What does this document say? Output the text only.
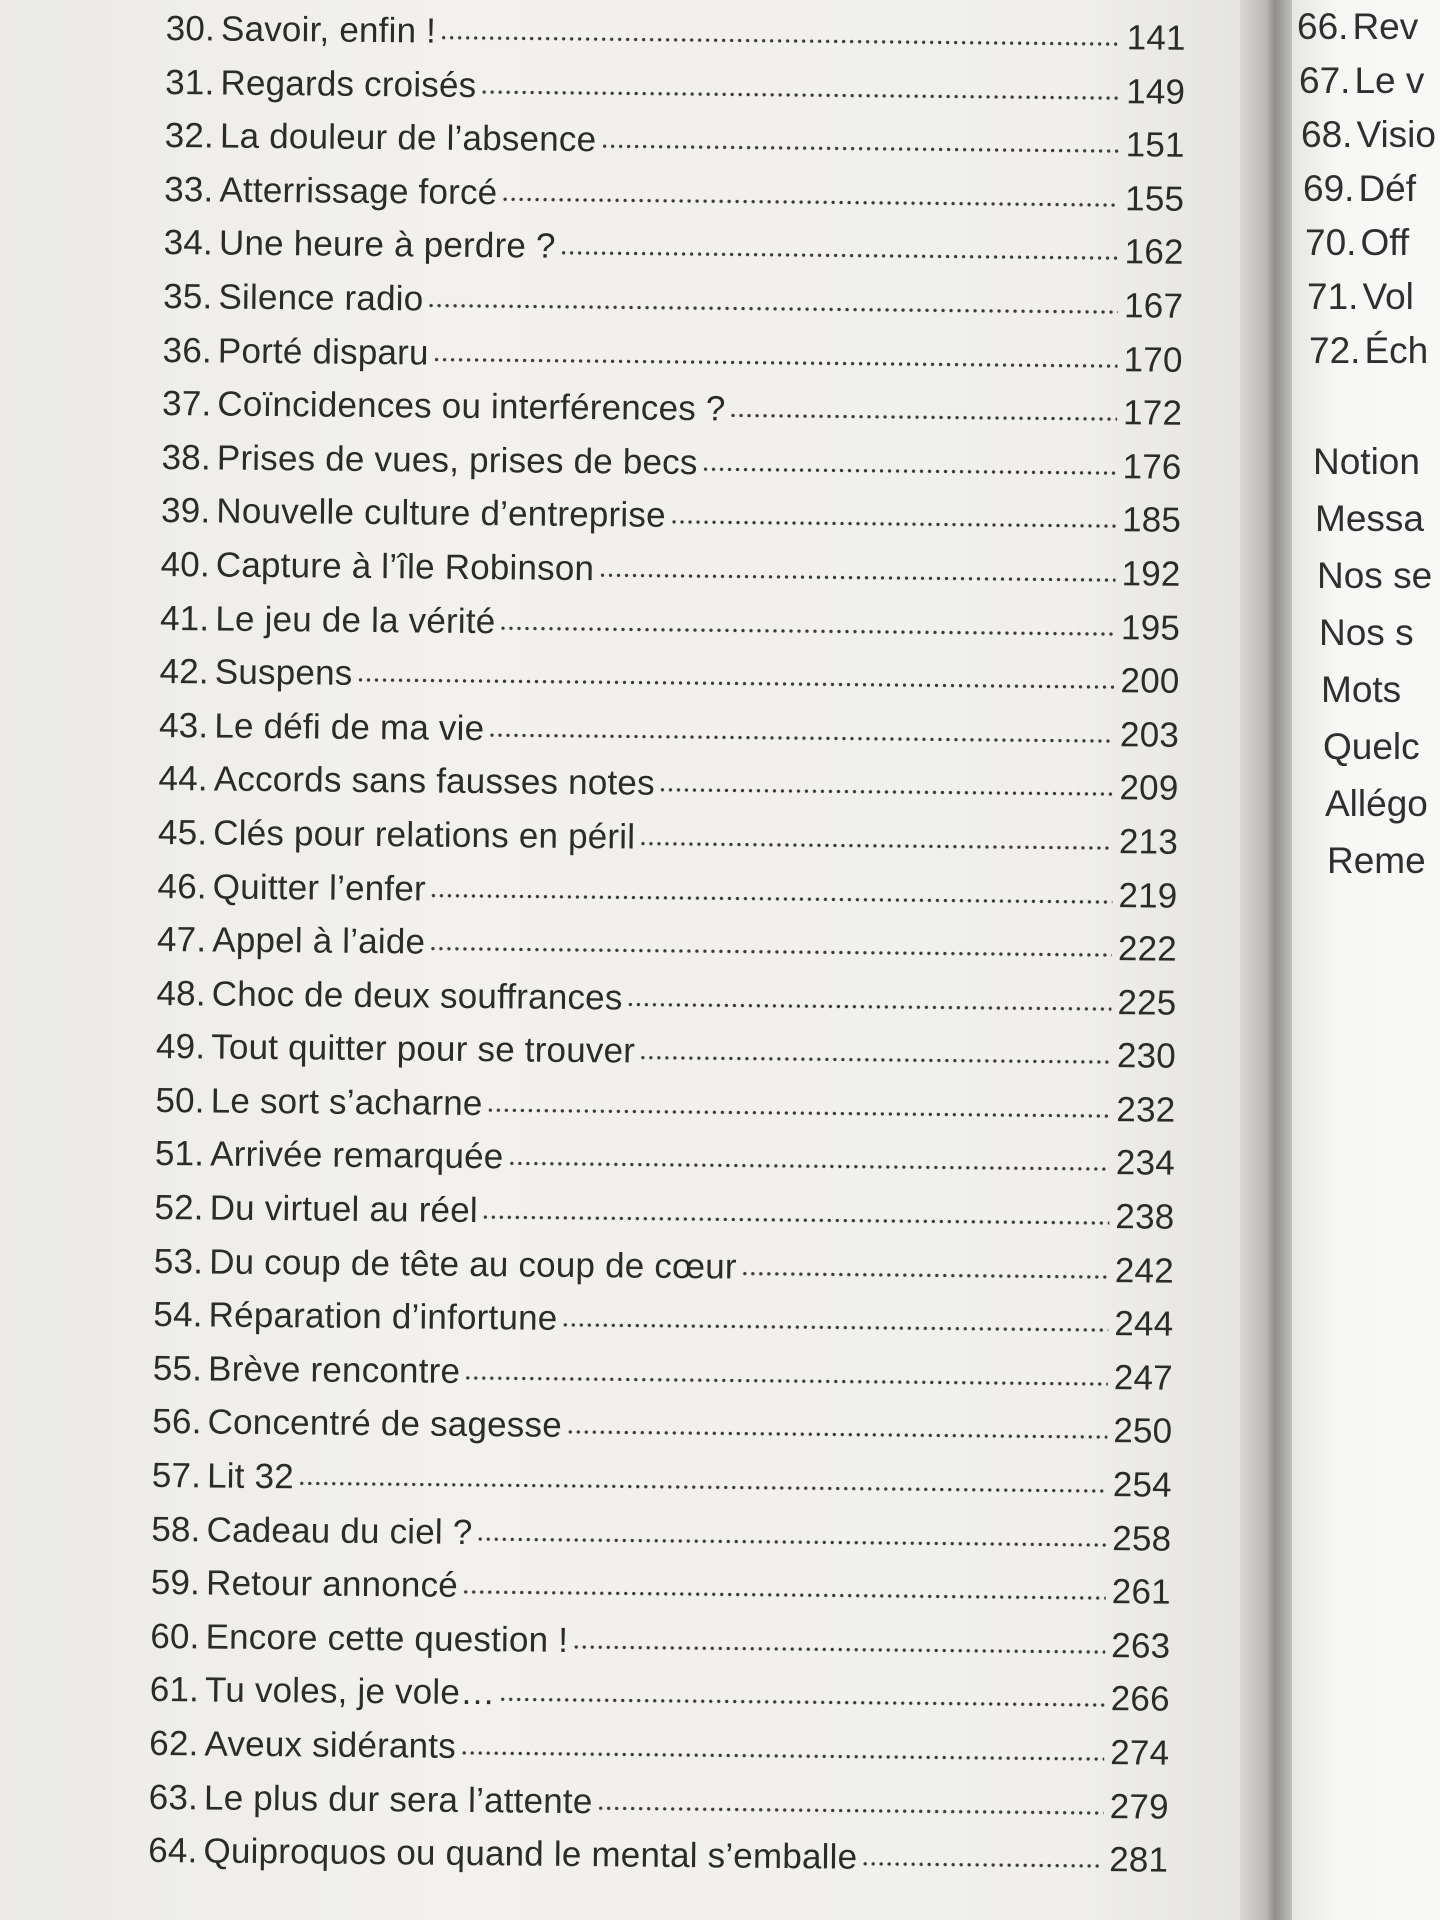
30. Savoir, enfin !	141
31. Regards croisés	149
32. La douleur de l’absence	151
33. Atterrissage forcé	155
34. Une heure à perdre ?	162
35. Silence radio	167
36. Porté disparu	170
37. Coïncidences ou interférences ?	172
38. Prises de vues, prises de becs	176
39. Nouvelle culture d’entreprise	185
40. Capture à l’île Robinson	192
41. Le jeu de la vérité	195
42. Suspens	200
43. Le défi de ma vie	203
44. Accords sans fausses notes	209
45. Clés pour relations en péril	213
46. Quitter l’enfer	219
47. Appel à l’aide	222
48. Choc de deux souffrances	225
49. Tout quitter pour se trouver	230
50. Le sort s’acharne	232
51. Arrivée remarquée	234
52. Du virtuel au réel	238
53. Du coup de tête au coup de cœur	242
54. Réparation d’infortune	244
55. Brève rencontre	247
56. Concentré de sagesse	250
57. Lit 32	254
58. Cadeau du ciel ?	258
59. Retour annoncé	261
60. Encore cette question !	263
61. Tu voles, je vole…	266
62. Aveux sidérants	274
63. Le plus dur sera l’attente	279
64. Quiproquos ou quand le mental s’emballe	281
66. Rev
67. Le v
68. Visio
69. Déf
70. Off
71. Vol
72. Éch
Notion
Messa
Nos se
Nos s
Mots
Quelc
Allégo
Reme
